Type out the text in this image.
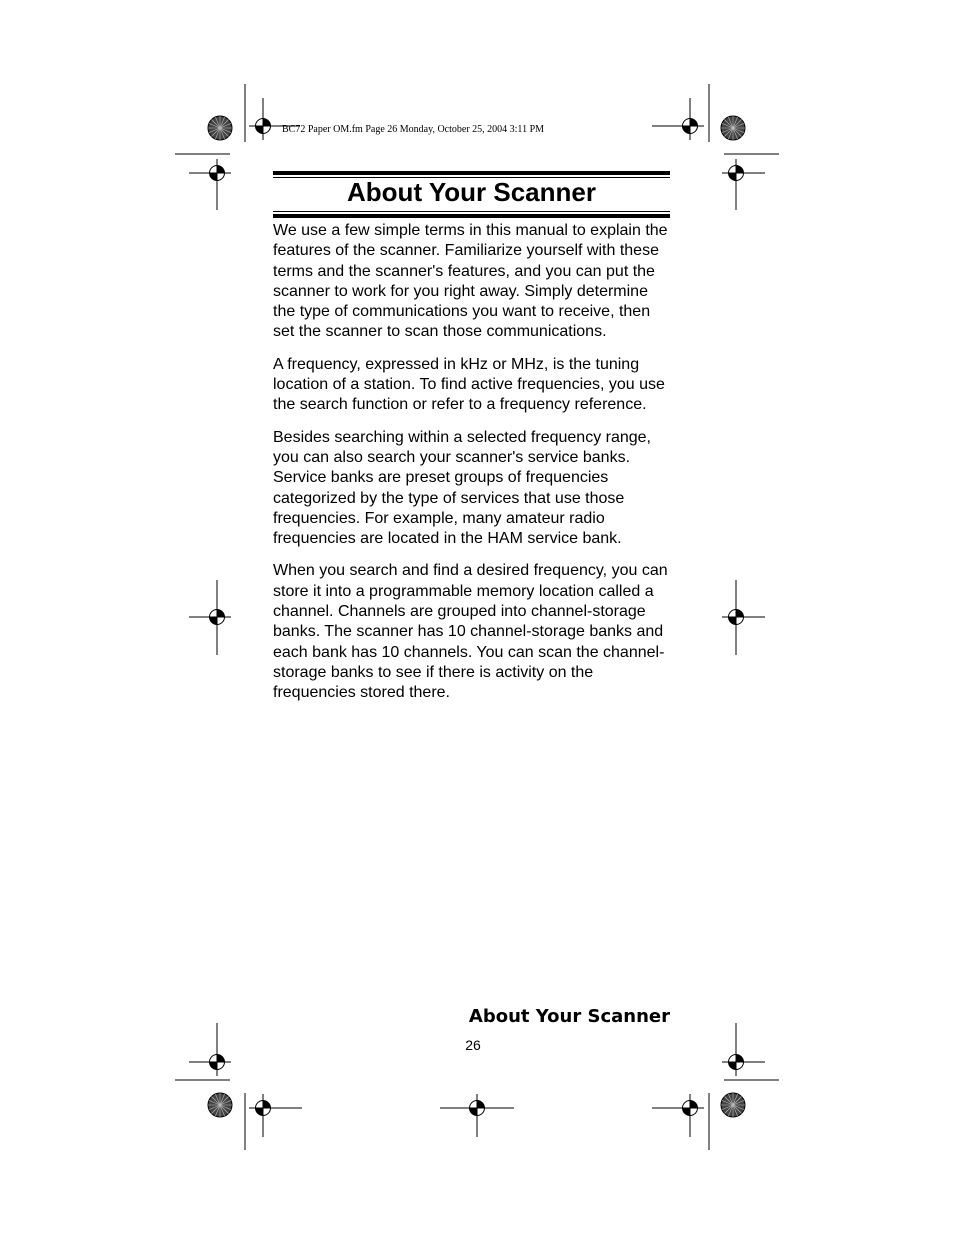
BC72 Paper OM.fm Page 26 Monday, October 25, 2004 3:11 PM
About Your Scanner

We use a few simple terms in this manual to explain the features of the scanner. Familiarize yourself with these terms and the scanner's features, and you can put the scanner to work for you right away. Simply determine the type of communications you want to receive, then set the scanner to scan those communications.

A frequency, expressed in kHz or MHz, is the tuning location of a station. To find active frequencies, you use the search function or refer to a frequency reference.

Besides searching within a selected frequency range, you can also search your scanner's service banks. Service banks are preset groups of frequencies categorized by the type of services that use those frequencies. For example, many amateur radio frequencies are located in the HAM service bank.

When you search and find a desired frequency, you can store it into a programmable memory location called a channel. Channels are grouped into channel-storage banks. The scanner has 10 channel-storage banks and each bank has 10 channels. You can scan the channel-storage banks to see if there is activity on the frequencies stored there.

About Your Scanner
26
